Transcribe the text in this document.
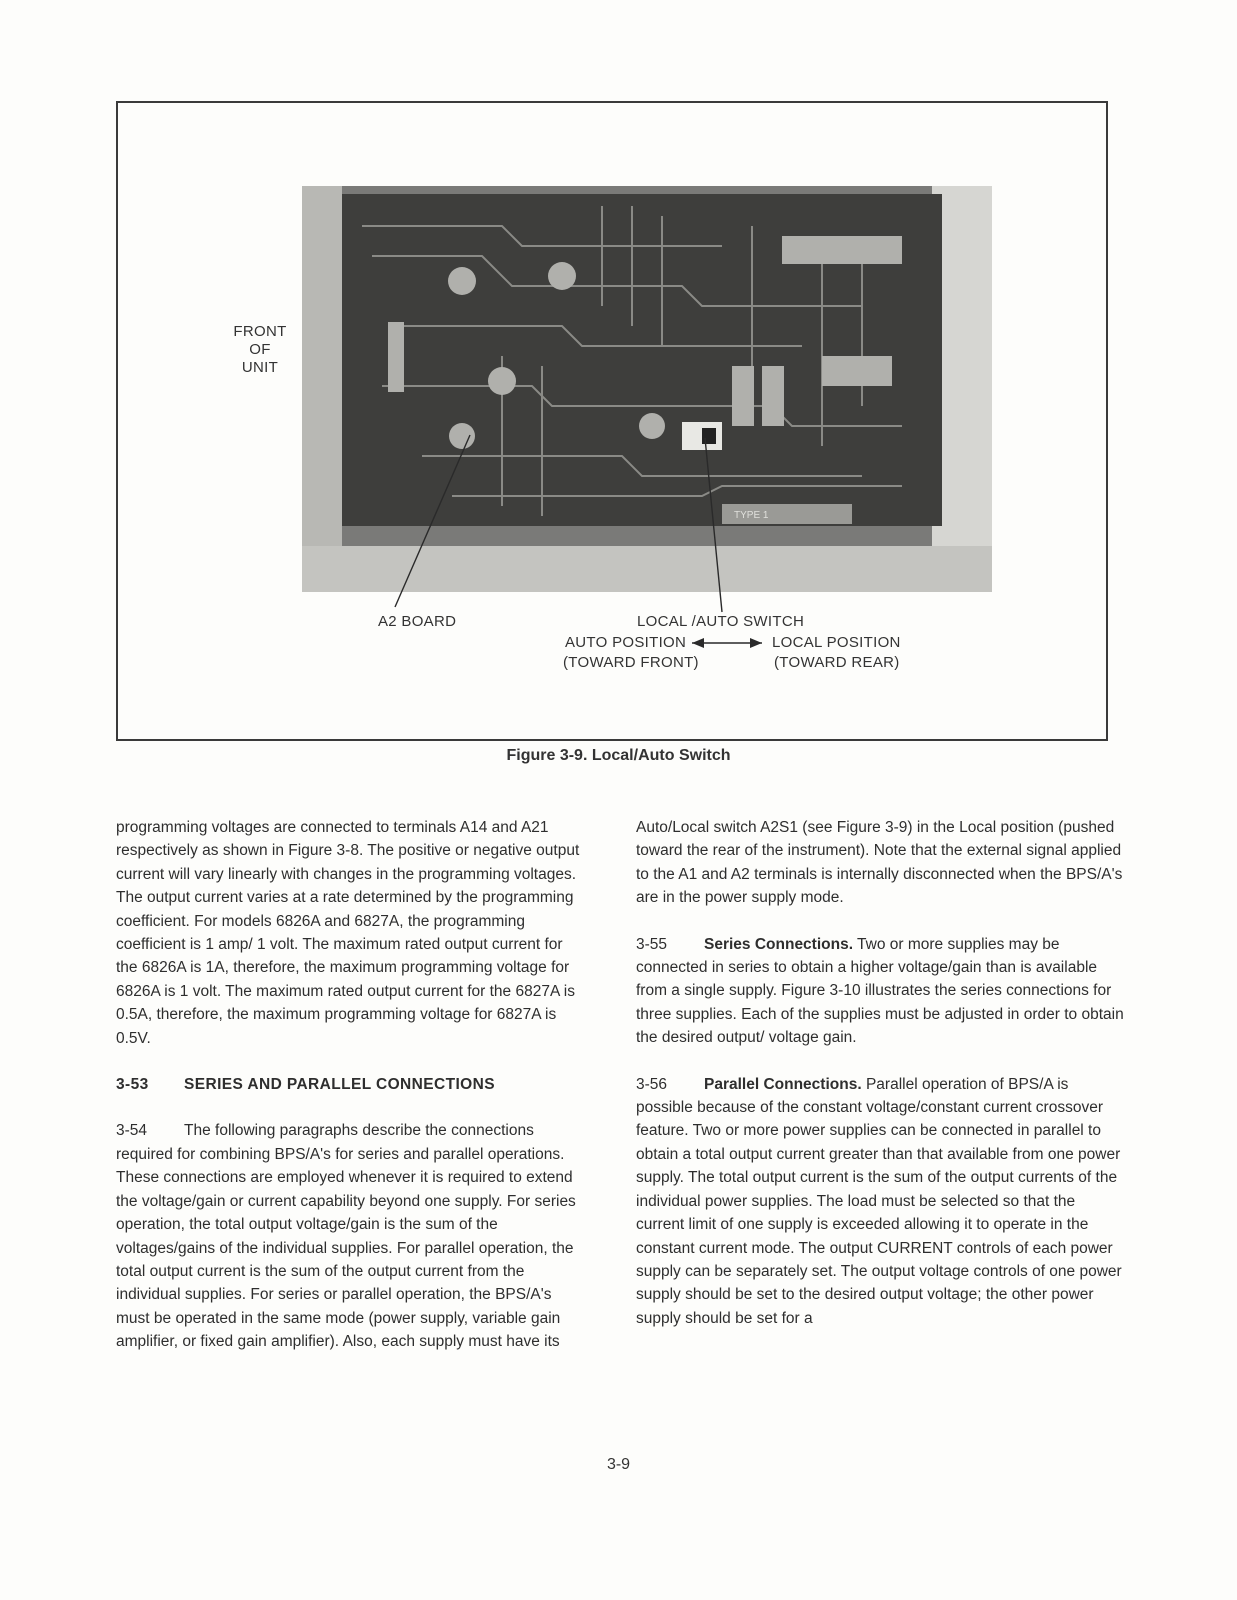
TYPE 1
FRONT
OF
UNIT
A2 BOARD	LOCAL /AUTO SWITCH
AUTO POSITION	LOCAL POSITION
(TOWARD FRONT)	(TOWARD REAR)
Figure 3-9. Local/Auto Switch

programming voltages are connected to terminals A14 and A21 respectively as shown in Figure 3-8. The positive or negative output current will vary linearly with changes in the programming voltages. The output current varies at a rate determined by the programming coefficient. For models 6826A and 6827A, the programming coefficient is 1 amp/ 1 volt. The maximum rated output current for the 6826A is 1A, therefore, the maximum programming voltage for 6826A is 1 volt. The maximum rated output current for the 6827A is 0.5A, therefore, the maximum programming voltage for 6827A is 0.5V.

3-53 SERIES AND PARALLEL CONNECTIONS

3-54 The following paragraphs describe the connections required for combining BPS/A's for series and parallel operations. These connections are employed whenever it is required to extend the voltage/gain or current capability beyond one supply. For series operation, the total output voltage/gain is the sum of the voltages/gains of the individual supplies. For parallel operation, the total output current is the sum of the output current from the individual supplies. For series or parallel operation, the BPS/A's must be operated in the same mode (power supply, variable gain amplifier, or fixed gain amplifier). Also, each supply must have its

Auto/Local switch A2S1 (see Figure 3-9) in the Local position (pushed toward the rear of the instrument). Note that the external signal applied to the A1 and A2 terminals is internally disconnected when the BPS/A's are in the power supply mode.

3-55 Series Connections. Two or more supplies may be connected in series to obtain a higher voltage/gain than is available from a single supply. Figure 3-10 illustrates the series connections for three supplies. Each of the supplies must be adjusted in order to obtain the desired output/ voltage gain.

3-56 Parallel Connections. Parallel operation of BPS/A is possible because of the constant voltage/constant current crossover feature. Two or more power supplies can be connected in parallel to obtain a total output current greater than that available from one power supply. The total output current is the sum of the output currents of the individual power supplies. The load must be selected so that the current limit of one supply is exceeded allowing it to operate in the constant current mode. The output CURRENT controls of each power supply can be separately set. The output voltage controls of one power supply should be set to the desired output voltage; the other power supply should be set for a

3-9
